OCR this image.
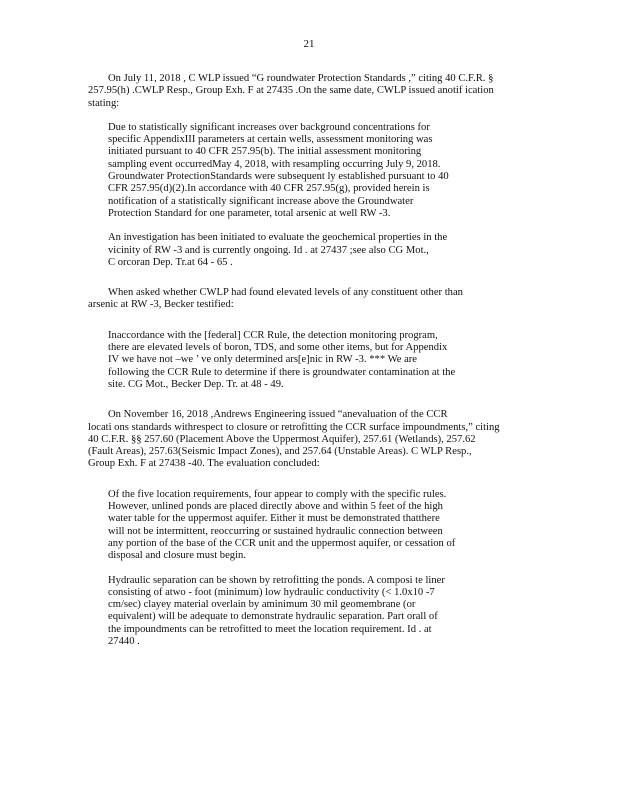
21
On July 11, 2018 , C WLP issued “G roundwater Protection Standards ,” citing 40 C.F.R. §
257.95(h) .CWLP Resp., Group Exh. F at 27435 .On the same date, CWLP issued anotif ication
stating:
Due to statistically significant increases over background concentrations for
specific AppendixIII parameters at certain wells, assessment monitoring was
initiated pursuant to 40 CFR 257.95(b). The initial assessment monitoring
sampling event occurredMay 4, 2018, with resampling occurring July 9, 2018.
Groundwater ProtectionStandards were subsequent ly established pursuant to 40
CFR 257.95(d)(2).In accordance with 40 CFR 257.95(g), provided herein is
notification of a statistically significant increase above the Groundwater
Protection Standard for one parameter, total arsenic at well RW -3.
An investigation has been initiated to evaluate the geochemical properties in the
vicinity of RW -3 and is currently ongoing. Id . at 27437 ;see also CG Mot.,
C orcoran Dep. Tr.at 64 - 65 .
When asked whether CWLP had found elevated levels of any constituent other than
arsenic at RW -3, Becker testified:
Inaccordance with the [federal] CCR Rule, the detection monitoring program,
there are elevated levels of boron, TDS, and some other items, but for Appendix
IV we have not –we ’ ve only determined ars[e]nic in RW -3. *** We are
following the CCR Rule to determine if there is groundwater contamination at the
site. CG Mot., Becker Dep. Tr. at 48 - 49.
On November 16, 2018 ,Andrews Engineering issued “anevaluation of the CCR
locati ons standards withrespect to closure or retrofitting the CCR surface impoundments,” citing
40 C.F.R. §§ 257.60 (Placement Above the Uppermost Aquifer), 257.61 (Wetlands), 257.62
(Fault Areas), 257.63(Seismic Impact Zones), and 257.64 (Unstable Areas). C WLP Resp.,
Group Exh. F at 27438 -40. The evaluation concluded:
Of the five location requirements, four appear to comply with the specific rules.
However, unlined ponds are placed directly above and within 5 feet of the high
water table for the uppermost aquifer. Either it must be demonstrated thatthere
will not be intermittent, reoccurring or sustained hydraulic connection between
any portion of the base of the CCR unit and the uppermost aquifer, or cessation of
disposal and closure must begin.
Hydraulic separation can be shown by retrofitting the ponds. A composi te liner
consisting of atwo - foot (minimum) low hydraulic conductivity (< 1.0x10 -7
cm/sec) clayey material overlain by aminimum 30 mil geomembrane (or
equivalent) will be adequate to demonstrate hydraulic separation. Part orall of
the impoundments can be retrofitted to meet the location requirement. Id . at
27440 .
